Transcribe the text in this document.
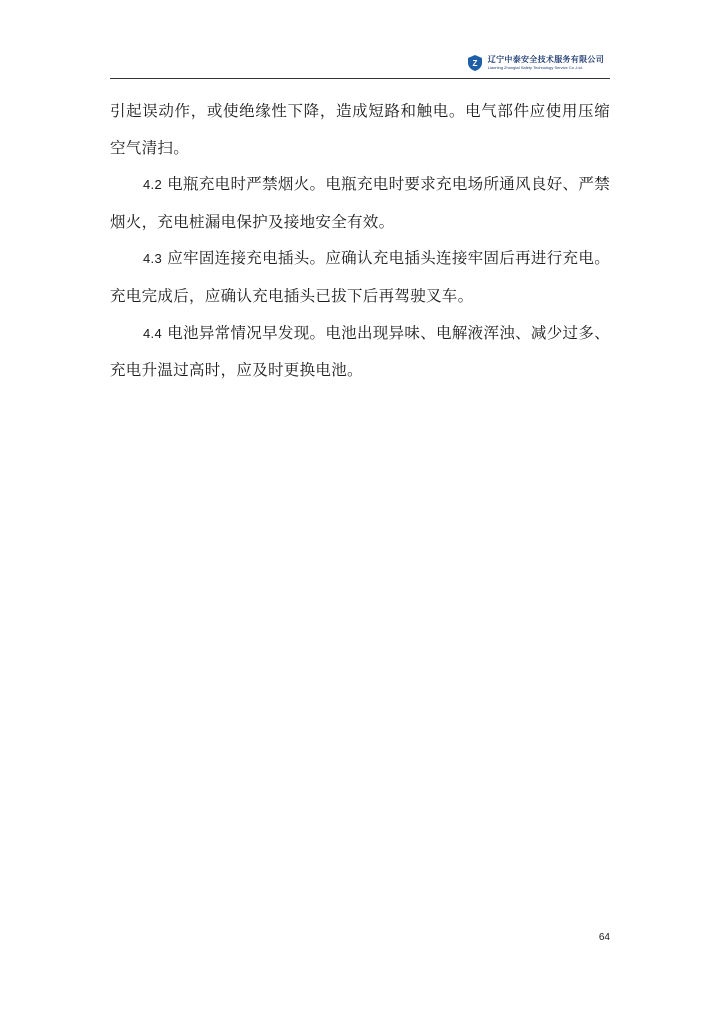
Z 辽宁中泰安全技术服务有限公司
Liaoning Zhongtai Safety Technology Service Co.,Ltd.

引起误动作，或使绝缘性下降，造成短路和触电。电气部件应使用压缩空气清扫。

4.2 电瓶充电时严禁烟火。电瓶充电时要求充电场所通风良好、严禁烟火，充电桩漏电保护及接地安全有效。

4.3 应牢固连接充电插头。应确认充电插头连接牢固后再进行充电。充电完成后，应确认充电插头已拔下后再驾驶叉车。

4.4 电池异常情况早发现。电池出现异味、电解液浑浊、减少过多、充电升温过高时，应及时更换电池。

64
